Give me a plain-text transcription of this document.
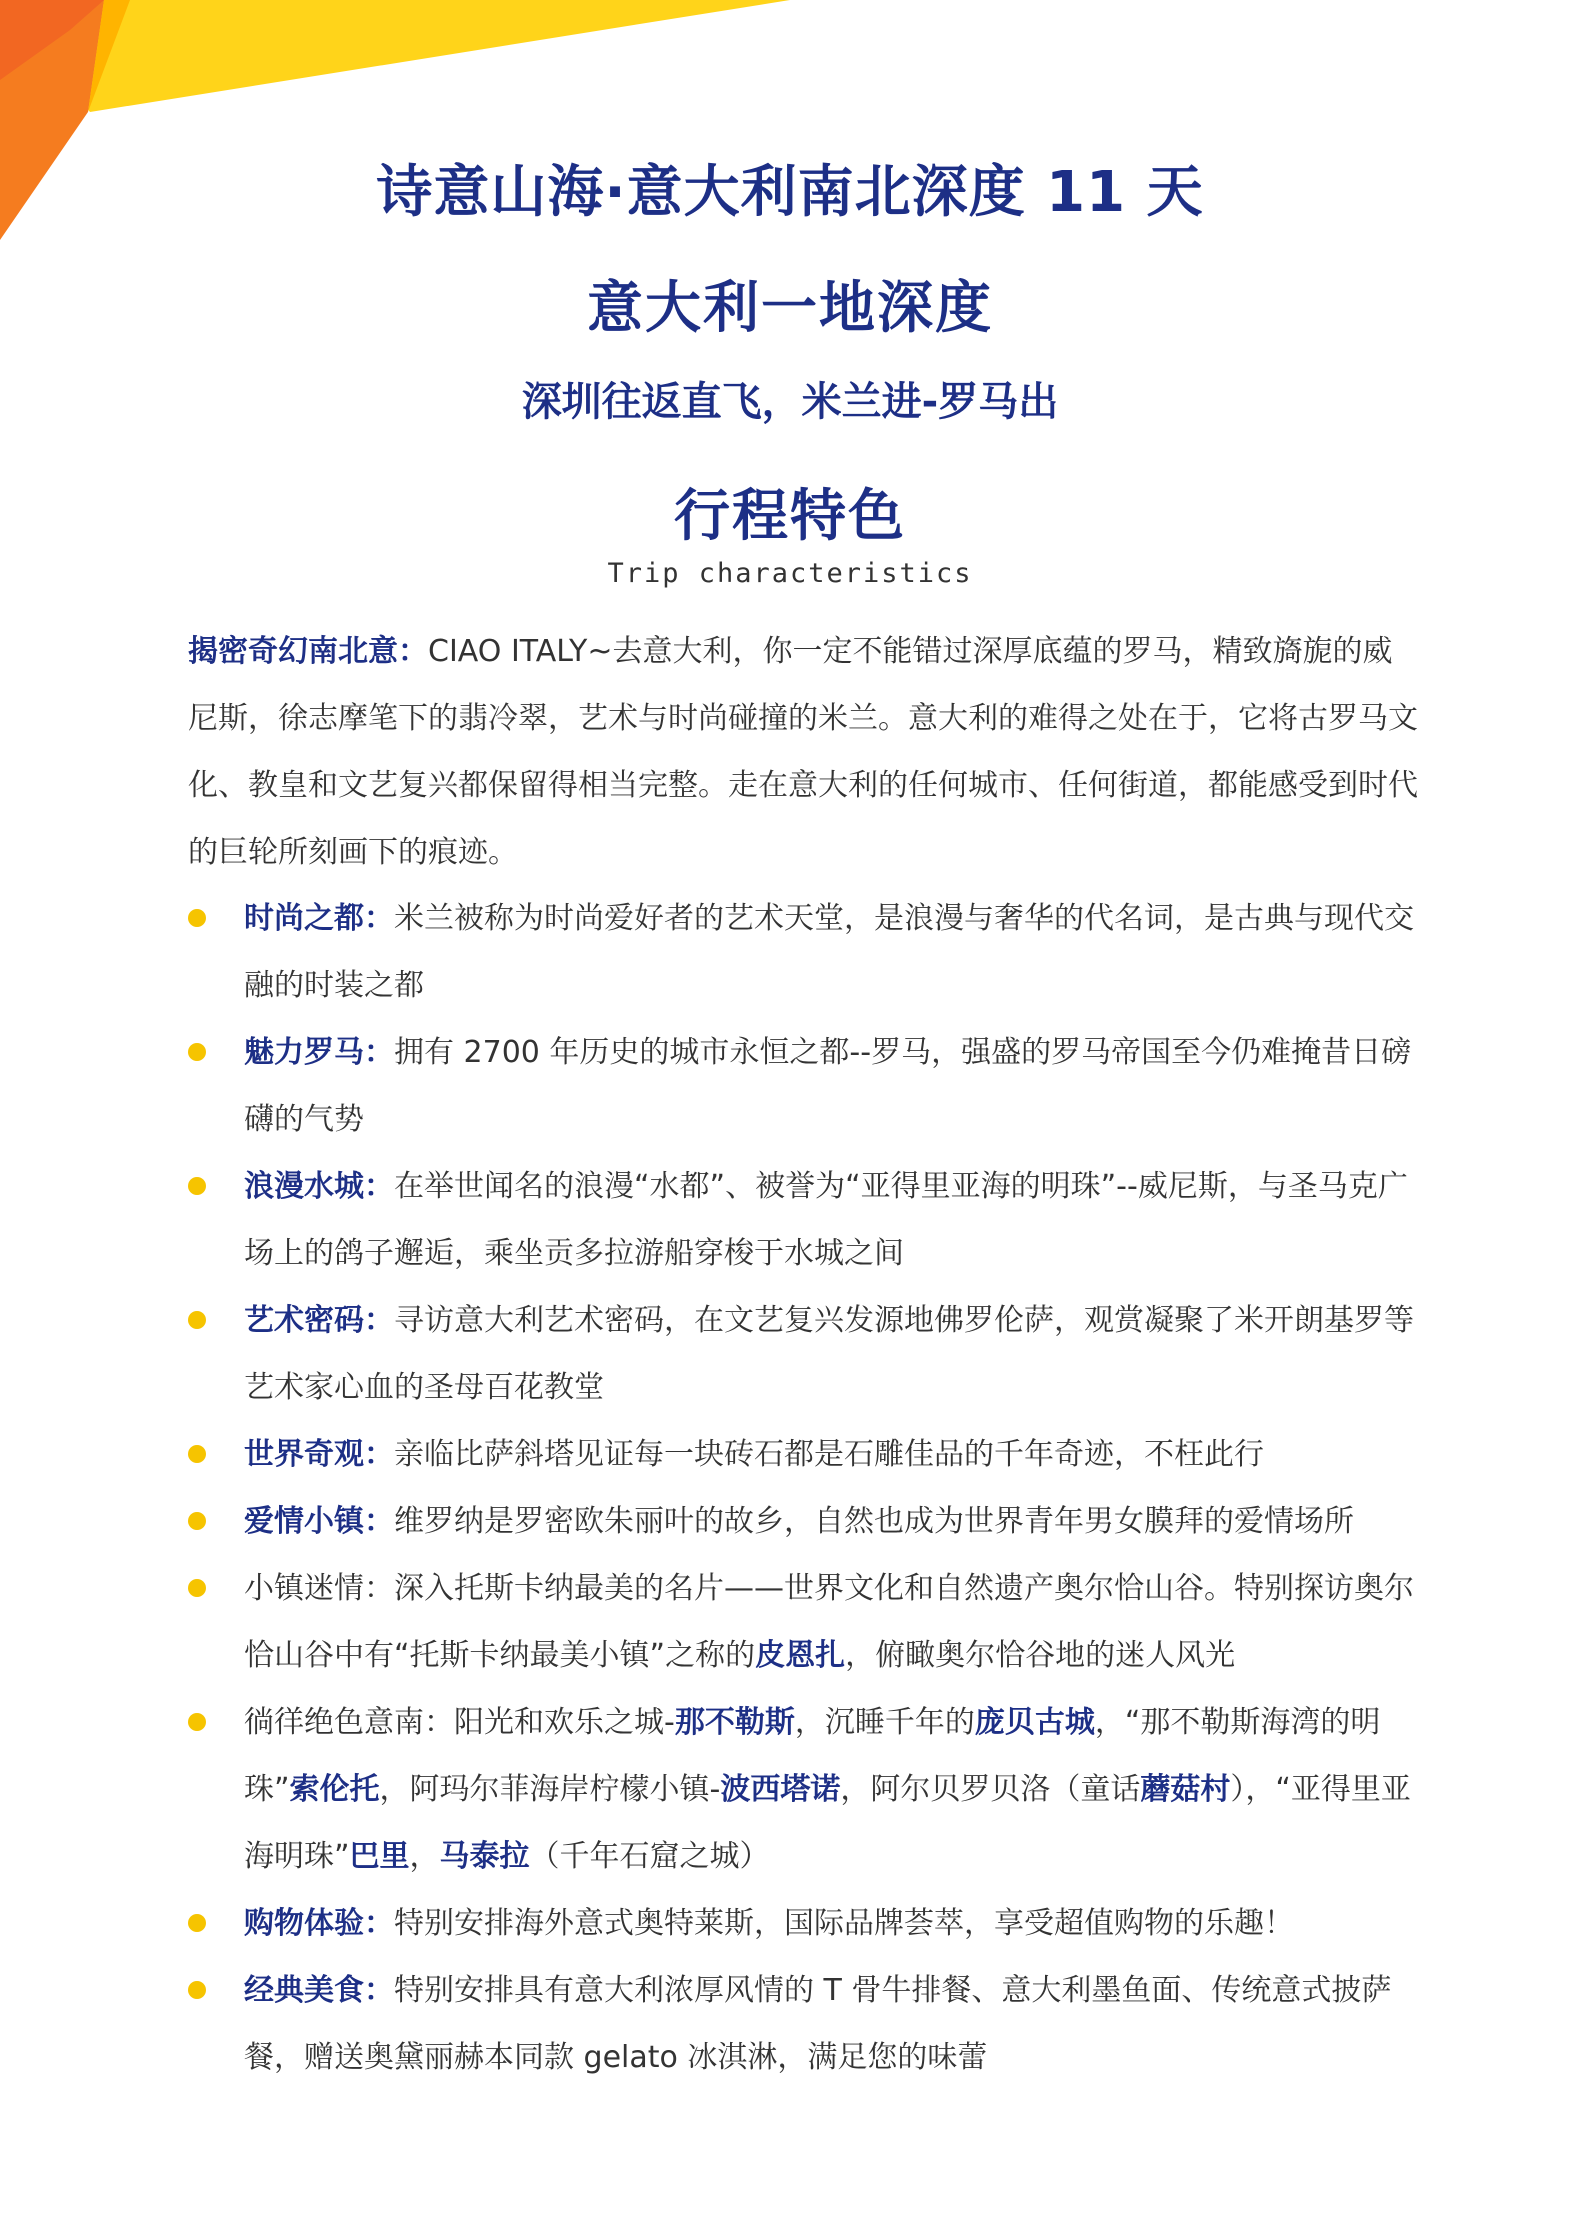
诗意山海·意大利南北深度 11 天
意大利一地深度
深圳往返直飞，米兰进-罗马出
行程特色
Trip characteristics

揭密奇幻南北意：CIAO ITALY~去意大利，你一定不能错过深厚底蕴的罗马，精致旖旎的威尼斯，徐志摩笔下的翡冷翠，艺术与时尚碰撞的米兰。意大利的难得之处在于，它将古罗马文化、教皇和文艺复兴都保留得相当完整。走在意大利的任何城市、任何街道，都能感受到时代的巨轮所刻画下的痕迹。

时尚之都：米兰被称为时尚爱好者的艺术天堂，是浪漫与奢华的代名词，是古典与现代交融的时装之都
魅力罗马：拥有 2700 年历史的城市永恒之都--罗马，强盛的罗马帝国至今仍难掩昔日磅礴的气势
浪漫水城：在举世闻名的浪漫“水都”、被誉为“亚得里亚海的明珠”--威尼斯，与圣马克广场上的鸽子邂逅，乘坐贡多拉游船穿梭于水城之间
艺术密码：寻访意大利艺术密码，在文艺复兴发源地佛罗伦萨，观赏凝聚了米开朗基罗等艺术家心血的圣母百花教堂
世界奇观：亲临比萨斜塔见证每一块砖石都是石雕佳品的千年奇迹，不枉此行
爱情小镇：维罗纳是罗密欧朱丽叶的故乡，自然也成为世界青年男女膜拜的爱情场所
小镇迷情：深入托斯卡纳最美的名片——世界文化和自然遗产奥尔恰山谷。特别探访奥尔恰山谷中有“托斯卡纳最美小镇”之称的皮恩扎，俯瞰奥尔恰谷地的迷人风光
徜徉绝色意南：阳光和欢乐之城-那不勒斯，沉睡千年的庞贝古城，“那不勒斯海湾的明珠”索伦托，阿玛尔菲海岸柠檬小镇-波西塔诺，阿尔贝罗贝洛（童话蘑菇村），“亚得里亚海明珠”巴里，马泰拉（千年石窟之城）
购物体验：特别安排海外意式奥特莱斯，国际品牌荟萃，享受超值购物的乐趣！
经典美食：特别安排具有意大利浓厚风情的 T 骨牛排餐、意大利墨鱼面、传统意式披萨餐，赠送奥黛丽赫本同款 gelato 冰淇淋，满足您的味蕾
